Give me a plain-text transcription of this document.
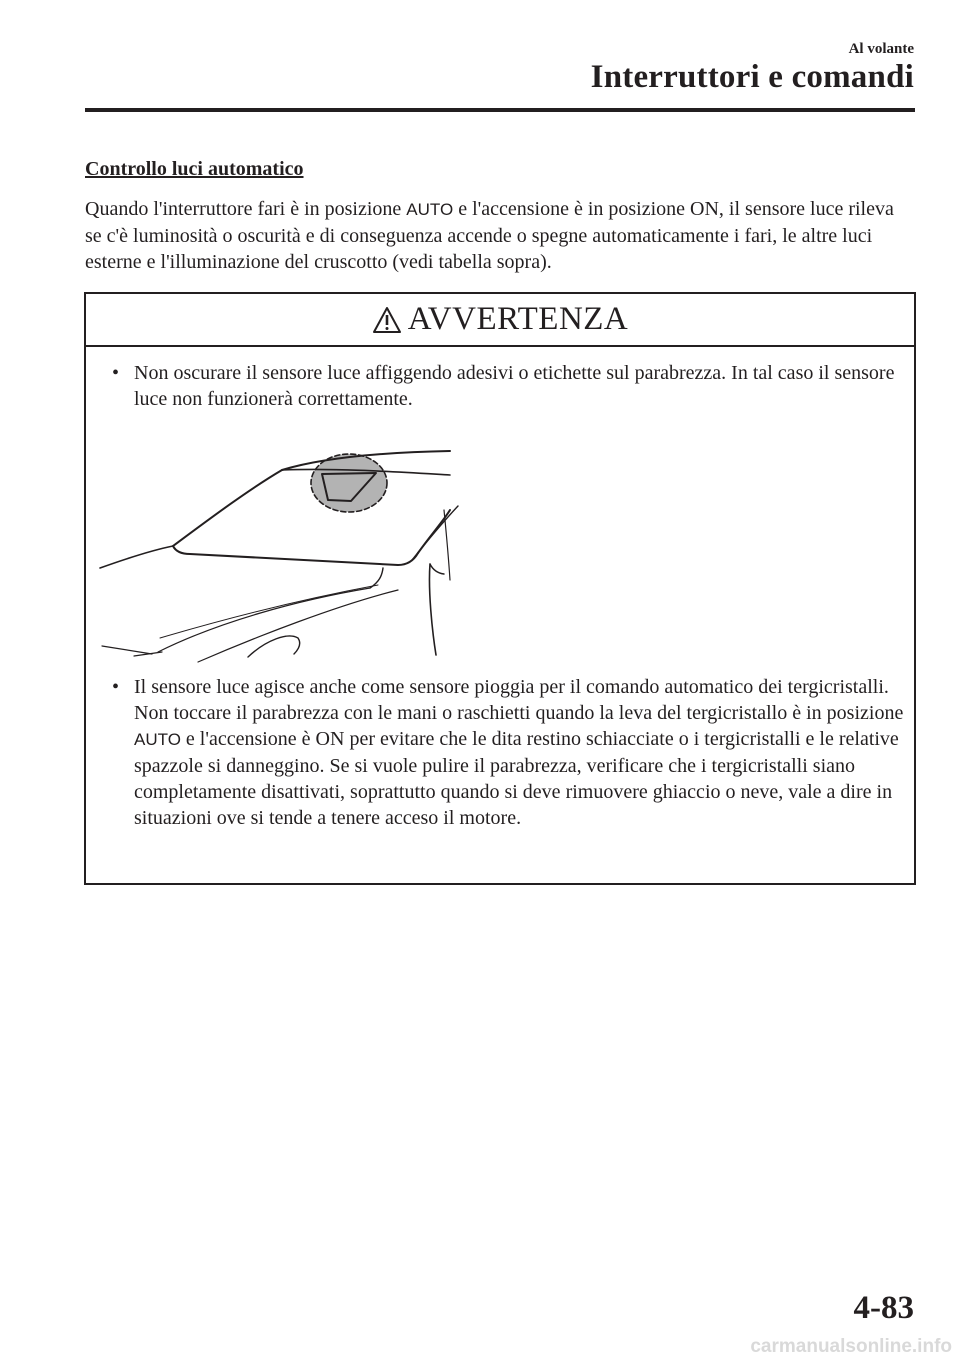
Al volante
Interruttori e comandi
Controllo luci automatico

Quando l'interruttore fari è in posizione AUTO e l'accensione è in posizione ON, il sensore luce rileva se c'è luminosità o oscurità e di conseguenza accende o spegne automaticamente i fari, le altre luci esterne e l'illuminazione del cruscotto (vedi tabella sopra).

AVVERTENZA
• Non oscurare il sensore luce affiggendo adesivi o etichette sul parabrezza. In tal caso il sensore luce non funzionerà correttamente.
• Il sensore luce agisce anche come sensore pioggia per il comando automatico dei tergicristalli. Non toccare il parabrezza con le mani o raschietti quando la leva del tergicristallo è in posizione AUTO e l'accensione è ON per evitare che le dita restino schiacciate o i tergicristalli e le relative spazzole si danneggino. Se si vuole pulire il parabrezza, verificare che i tergicristalli siano completamente disattivati, soprattutto quando si deve rimuovere ghiaccio o neve, vale a dire in situazioni ove si tende a tenere acceso il motore.
4-83
carmanualsonline.info
